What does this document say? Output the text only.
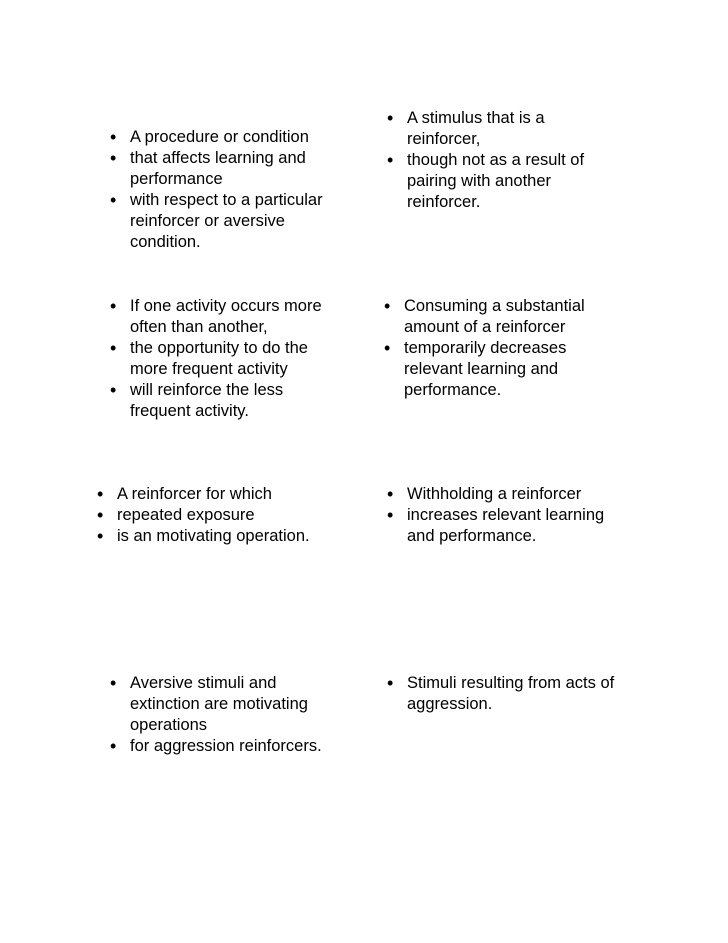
• A procedure or condition
• that affects learning and performance
• with respect to a particular reinforcer or aversive condition.
• A stimulus that is a reinforcer,
• though not as a result of pairing with another reinforcer.
• If one activity occurs more often than another,
• the opportunity to do the more frequent activity
• will reinforce the less frequent activity.
• Consuming a substantial amount of a reinforcer
• temporarily decreases relevant learning and performance.
• A reinforcer for which
• repeated exposure
• is an motivating operation.
• Withholding a reinforcer
• increases relevant learning and performance.
• Aversive stimuli and extinction are motivating operations
• for aggression reinforcers.
• Stimuli resulting from acts of aggression.
